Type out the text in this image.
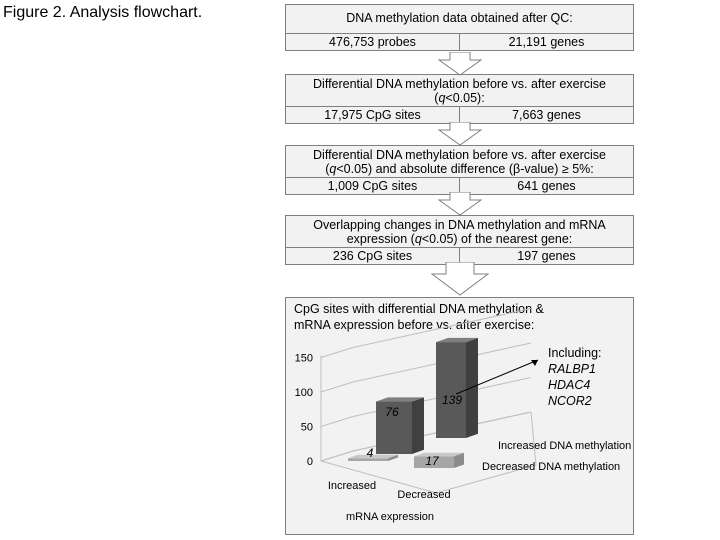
Figure 2. Analysis flowchart.	DNA methylation data obtained after QC:
476,753 probes	21,191 genes
Differential DNA methylation before vs. after exercise
(q<0.05):
17,975 CpG sites	7,663 genes
Differential DNA methylation before vs. after exercise
(q<0.05) and absolute difference (β-value) ≥ 5%:
1,009 CpG sites	641 genes
Overlapping changes in DNA methylation and mRNA
expression (q<0.05) of the nearest gene:
236 CpG sites	197 genes
CpG sites with differential DNA methylation &
mRNA expression before vs. after exercise:
0
50
100
150
76
139
4
17
Increased DNA methylation
Decreased DNA methylation
Increased
Decreased
mRNA expression
Including:
RALBP1
HDAC4
NCOR2
